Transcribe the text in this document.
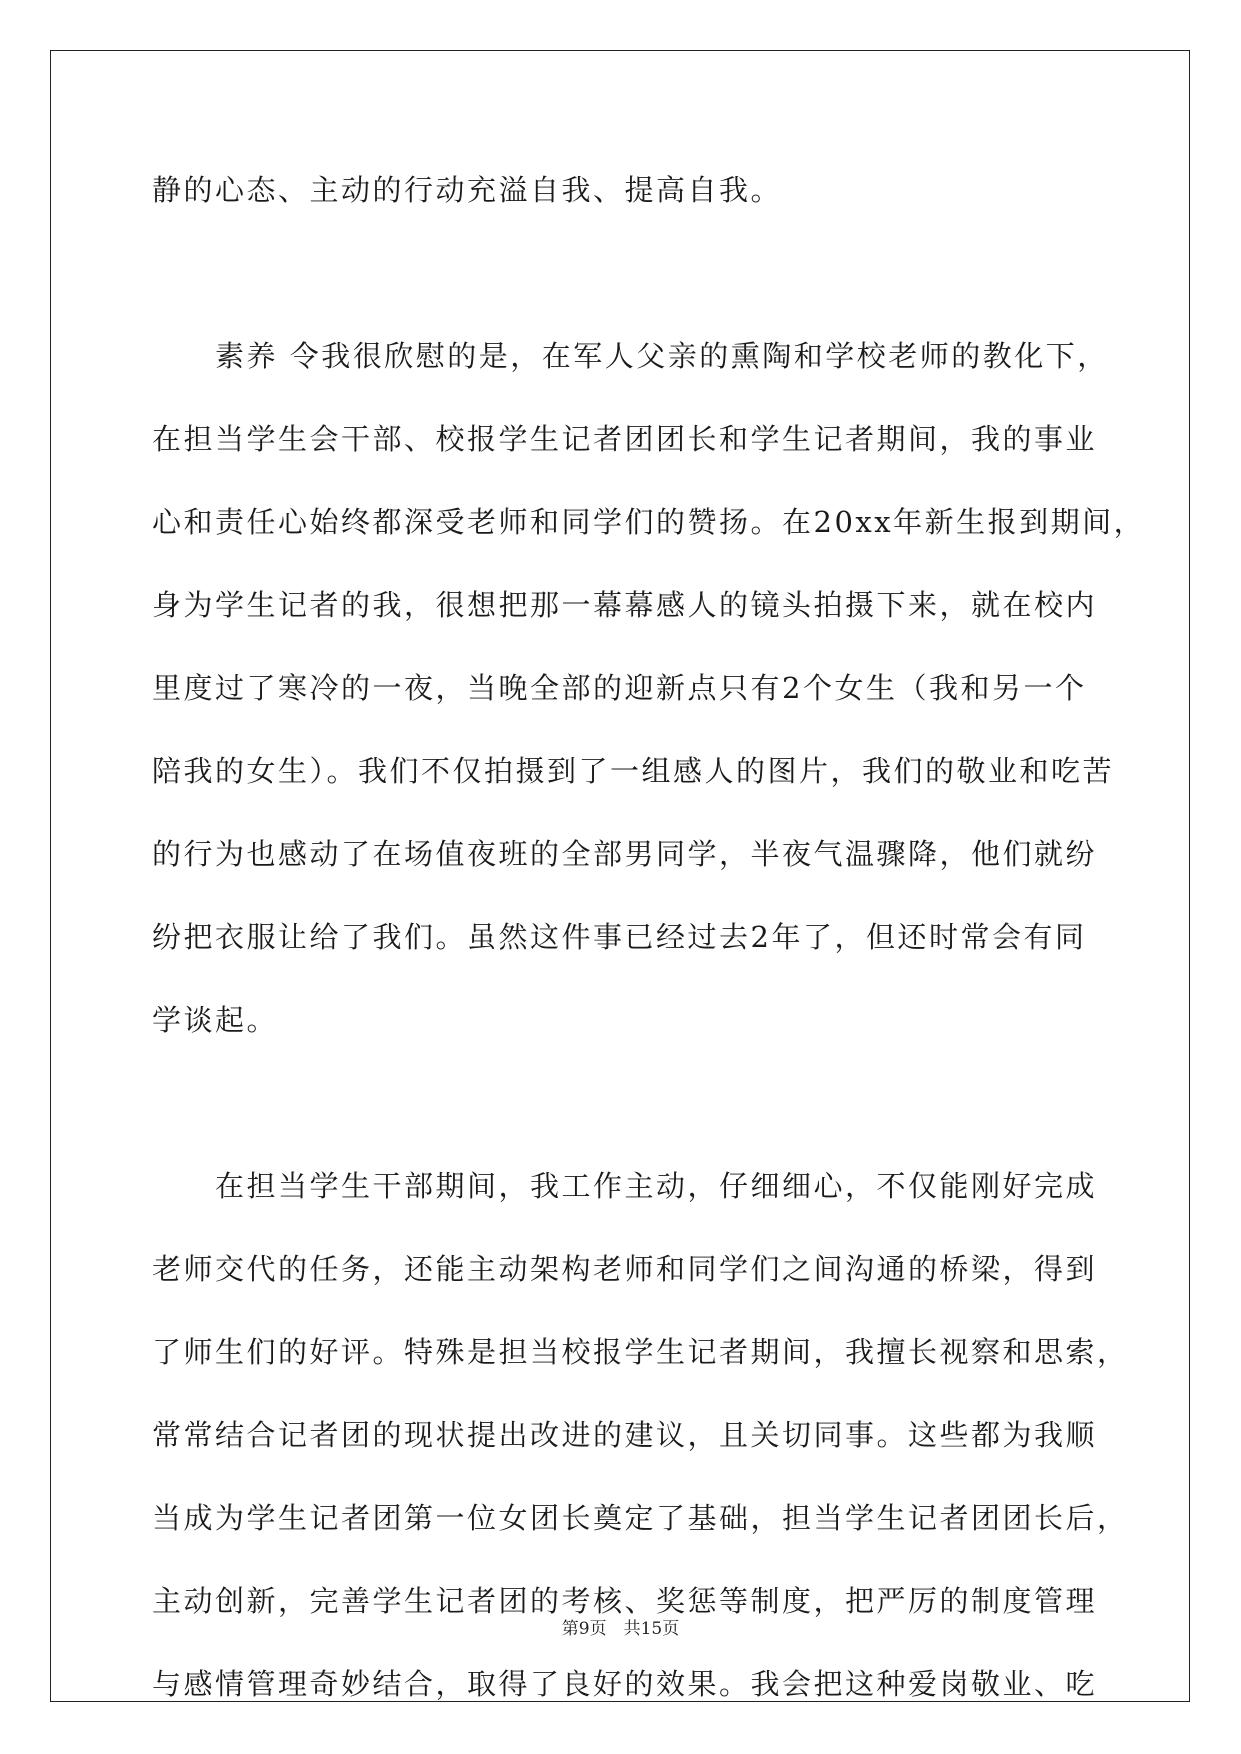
静的心态、主动的行动充溢自我、提高自我。
　　素养 令我很欣慰的是，在军人父亲的熏陶和学校老师的教化下，
在担当学生会干部、校报学生记者团团长和学生记者期间，我的事业
心和责任心始终都深受老师和同学们的赞扬。在20xx年新生报到期间，
身为学生记者的我，很想把那一幕幕感人的镜头拍摄下来，就在校内
里度过了寒冷的一夜，当晚全部的迎新点只有2个女生（我和另一个
陪我的女生）。我们不仅拍摄到了一组感人的图片，我们的敬业和吃苦
的行为也感动了在场值夜班的全部男同学，半夜气温骤降，他们就纷
纷把衣服让给了我们。虽然这件事已经过去2年了，但还时常会有同
学谈起。
　　在担当学生干部期间，我工作主动，仔细细心，不仅能刚好完成
老师交代的任务，还能主动架构老师和同学们之间沟通的桥梁，得到
了师生们的好评。特殊是担当校报学生记者期间，我擅长视察和思索，
常常结合记者团的现状提出改进的建议，且关切同事。这些都为我顺
当成为学生记者团第一位女团长奠定了基础，担当学生记者团团长后，
主动创新，完善学生记者团的考核、奖惩等制度，把严厉的制度管理
与感情管理奇妙结合，取得了良好的效果。我会把这种爱岗敬业、吃
第9页　共15页
